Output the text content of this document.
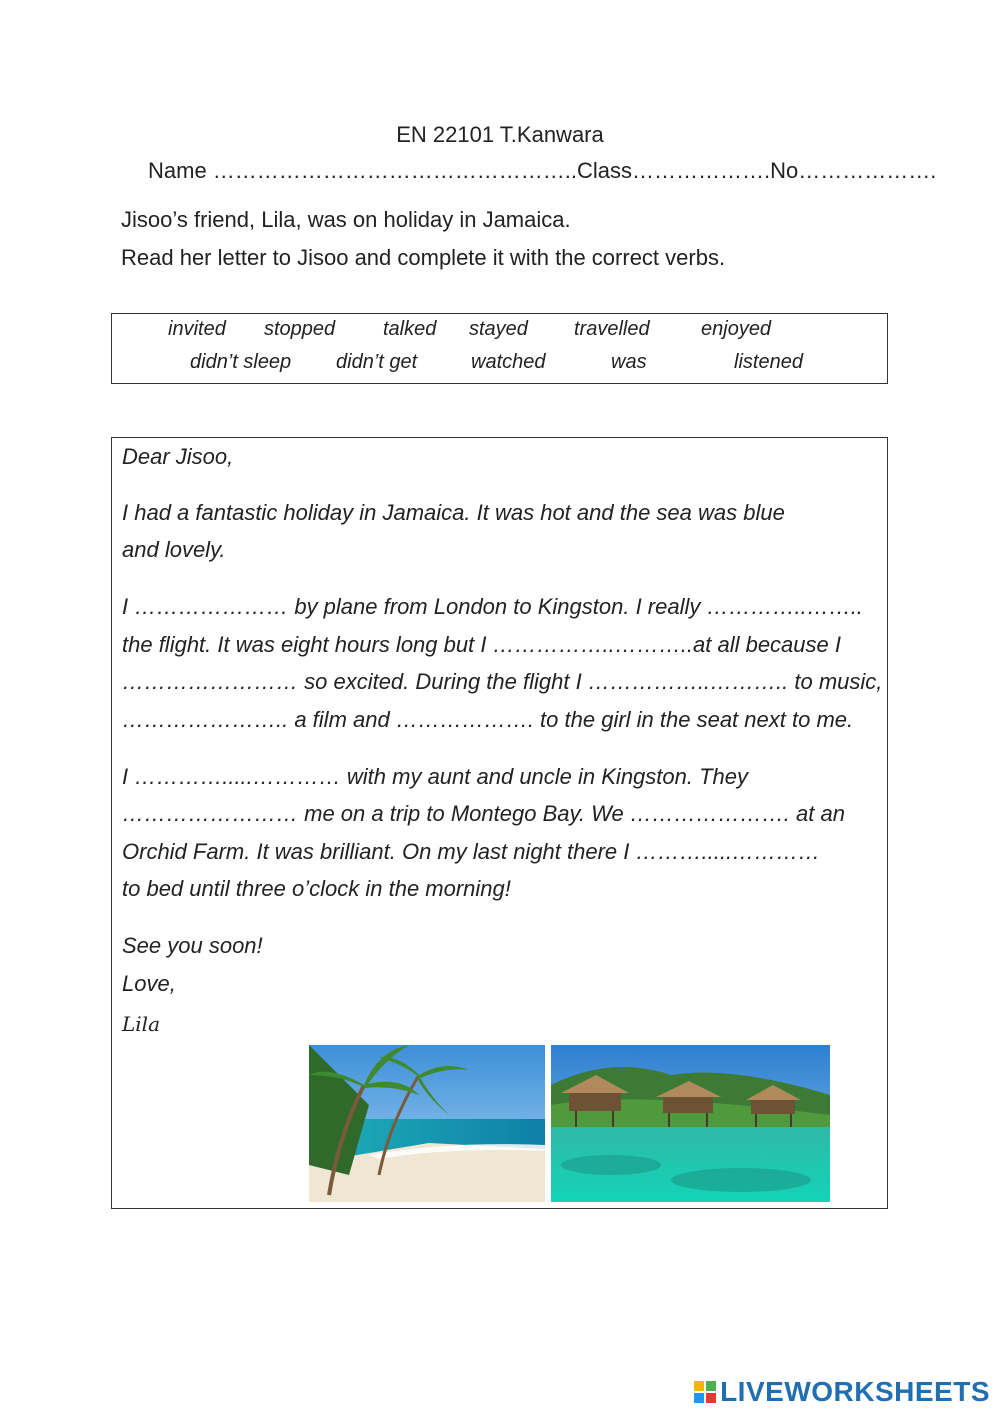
EN 22101 T.Kanwara
Name …………………………………………..Class……………….No……………….
Jisoo’s friend, Lila, was on holiday in Jamaica.
Read her letter to Jisoo and complete it with the correct verbs.
invited stopped talked stayed travelled	enjoyed
didn’t sleep didn’t get	watched	was	listened
Dear Jisoo,
I had a fantastic holiday in Jamaica. It was hot and the sea was blue
and lovely.
I ………………… by plane from London to Kingston. I really …………..……..
the flight. It was eight hours long but I ……………..………..at all because I
…………………… so excited. During the flight I ……………..……….. to music,
………………….. a film and ………………. to the girl in the seat next to me.
I ………….....………… with my aunt and uncle in Kingston. They
…………………… me on a trip to Montego Bay. We …………………. at an
Orchid Farm. It was brilliant. On my last night there I ……….....…………
to bed until three o’clock in the morning!
See you soon!
Love,
Lila
LIVEWORKSHEETS
